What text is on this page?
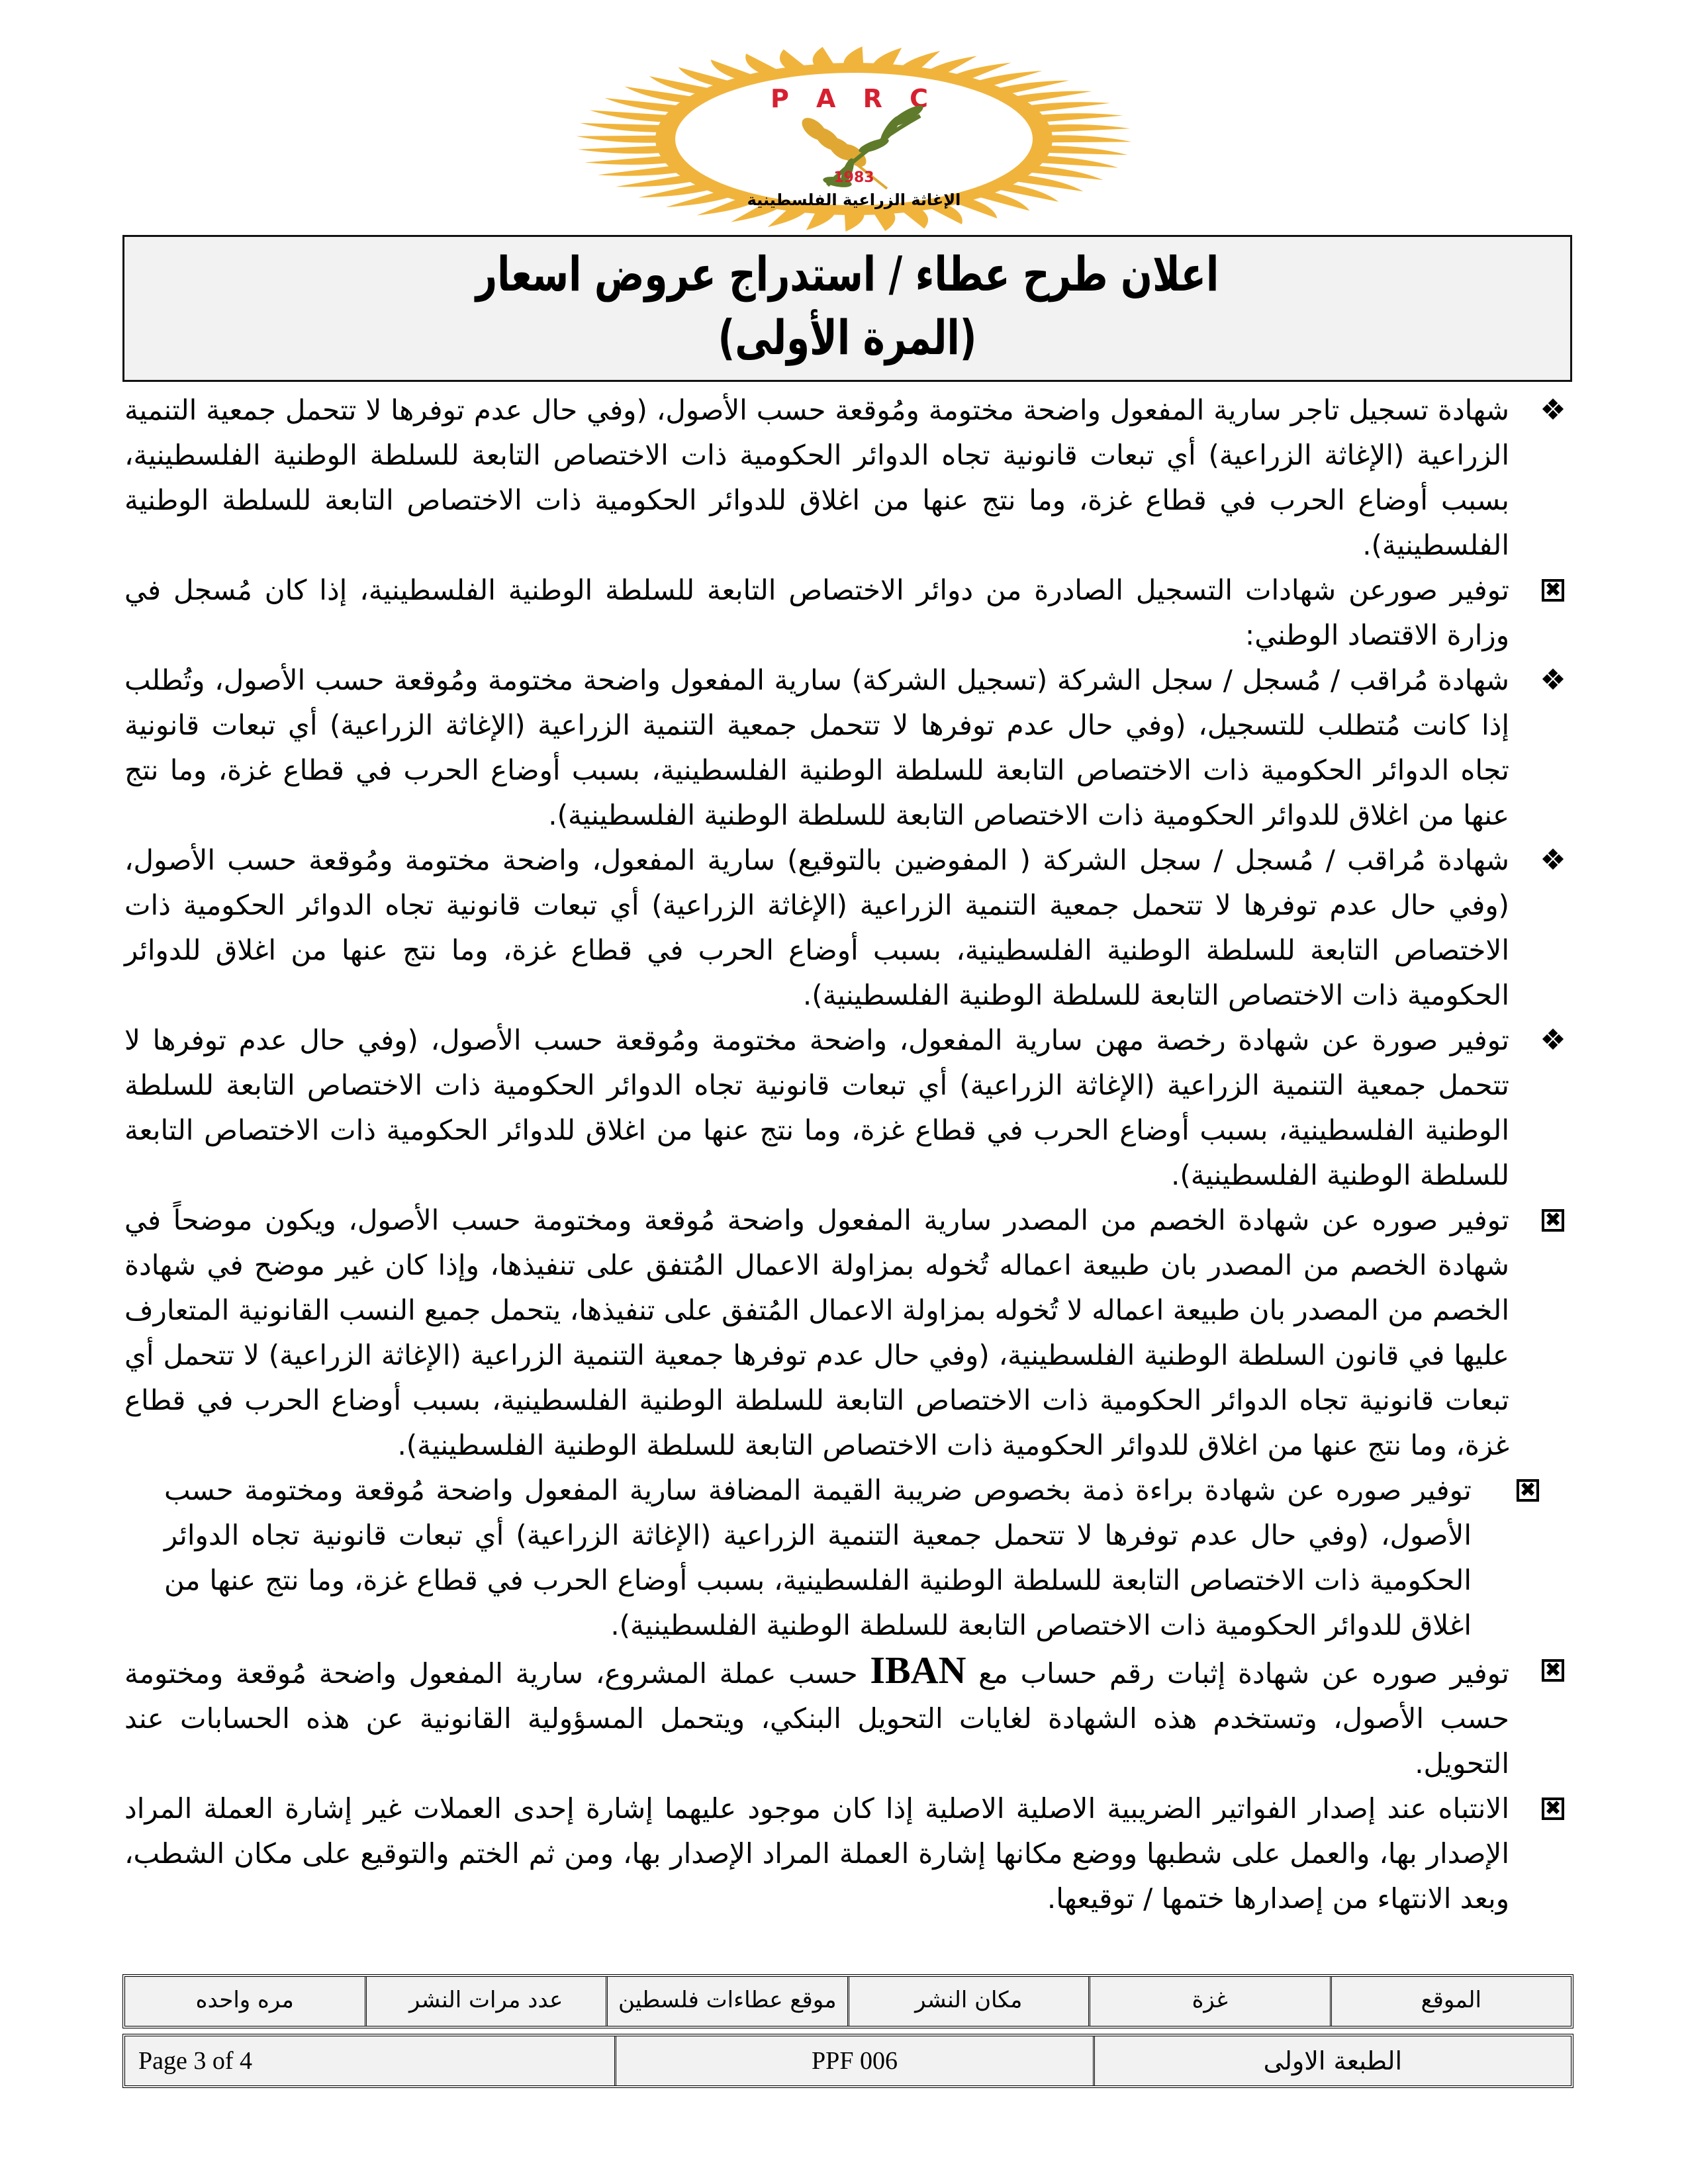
P A R C
1983
الإغاثة الزراعية الفلسطينية
اعلان طرح عطاء / استدراج عروض اسعار
(المرة الأولى)
❖
شهادة تسجيل تاجر سارية المفعول واضحة مختومة ومُوقعة حسب الأصول، (وفي حال عدم توفرها لا تتحمل جمعية التنمية الزراعية (الإغاثة الزراعية) أي تبعات قانونية تجاه الدوائر الحكومية ذات الاختصاص التابعة للسلطة الوطنية الفلسطينية، بسبب أوضاع الحرب في قطاع غزة، وما نتج عنها من اغلاق للدوائر الحكومية ذات الاختصاص التابعة للسلطة الوطنية الفلسطينية).
✖
توفير صورعن شهادات التسجيل الصادرة من دوائر الاختصاص التابعة للسلطة الوطنية الفلسطينية، إذا كان مُسجل في وزارة الاقتصاد الوطني:
❖
شهادة مُراقب / مُسجل / سجل الشركة (تسجيل الشركة) سارية المفعول واضحة مختومة ومُوقعة حسب الأصول، وتُطلب إذا كانت مُتطلب للتسجيل، (وفي حال عدم توفرها لا تتحمل جمعية التنمية الزراعية (الإغاثة الزراعية) أي تبعات قانونية تجاه الدوائر الحكومية ذات الاختصاص التابعة للسلطة الوطنية الفلسطينية، بسبب أوضاع الحرب في قطاع غزة، وما نتج عنها من اغلاق للدوائر الحكومية ذات الاختصاص التابعة للسلطة الوطنية الفلسطينية).
❖
شهادة مُراقب / مُسجل / سجل الشركة ( المفوضين بالتوقيع) سارية المفعول، واضحة مختومة ومُوقعة حسب الأصول، (وفي حال عدم توفرها لا تتحمل جمعية التنمية الزراعية (الإغاثة الزراعية) أي تبعات قانونية تجاه الدوائر الحكومية ذات الاختصاص التابعة للسلطة الوطنية الفلسطينية، بسبب أوضاع الحرب في قطاع غزة، وما نتج عنها من اغلاق للدوائر الحكومية ذات الاختصاص التابعة للسلطة الوطنية الفلسطينية).
❖
توفير صورة عن شهادة رخصة مهن سارية المفعول، واضحة مختومة ومُوقعة حسب الأصول، (وفي حال عدم توفرها لا تتحمل جمعية التنمية الزراعية (الإغاثة الزراعية) أي تبعات قانونية تجاه الدوائر الحكومية ذات الاختصاص التابعة للسلطة الوطنية الفلسطينية، بسبب أوضاع الحرب في قطاع غزة، وما نتج عنها من اغلاق للدوائر الحكومية ذات الاختصاص التابعة للسلطة الوطنية الفلسطينية).
✖
توفير صوره عن شهادة الخصم من المصدر سارية المفعول واضحة مُوقعة ومختومة حسب الأصول، ويكون موضحاً في شهادة الخصم من المصدر بان طبيعة اعماله تُخوله بمزاولة الاعمال المُتفق على تنفيذها، وإذا كان غير موضح في شهادة الخصم من المصدر بان طبيعة اعماله لا تُخوله بمزاولة الاعمال المُتفق على تنفيذها، يتحمل جميع النسب القانونية المتعارف عليها في قانون السلطة الوطنية الفلسطينية، (وفي حال عدم توفرها جمعية التنمية الزراعية (الإغاثة الزراعية) لا تتحمل أي تبعات قانونية تجاه الدوائر الحكومية ذات الاختصاص التابعة للسلطة الوطنية الفلسطينية، بسبب أوضاع الحرب في قطاع غزة، وما نتج عنها من اغلاق للدوائر الحكومية ذات الاختصاص التابعة للسلطة الوطنية الفلسطينية).
✖
توفير صوره عن شهادة براءة ذمة بخصوص ضريبة القيمة المضافة سارية المفعول واضحة مُوقعة ومختومة حسب الأصول، (وفي حال عدم توفرها لا تتحمل جمعية التنمية الزراعية (الإغاثة الزراعية) أي تبعات قانونية تجاه الدوائر الحكومية ذات الاختصاص التابعة للسلطة الوطنية الفلسطينية، بسبب أوضاع الحرب في قطاع غزة، وما نتج عنها من اغلاق للدوائر الحكومية ذات الاختصاص التابعة للسلطة الوطنية الفلسطينية).
✖
توفير صوره عن شهادة إثبات رقم حساب مع IBAN حسب عملة المشروع، سارية المفعول واضحة مُوقعة ومختومة حسب الأصول، وتستخدم هذه الشهادة لغايات التحويل البنكي، ويتحمل المسؤولية القانونية عن هذه الحسابات عند التحويل.
✖
الانتباه عند إصدار الفواتير الضريبية الاصلية الاصلية إذا كان موجود عليهما إشارة إحدى العملات غير إشارة العملة المراد الإصدار بها، والعمل على شطبها ووضع مكانها إشارة العملة المراد الإصدار بها، ومن ثم الختم والتوقيع على مكان الشطب، وبعد الانتهاء من إصدارها ختمها / توقيعها.
الموقع
غزة
مكان النشر
موقع عطاءات فلسطين
عدد مرات النشر
مره واحده
الطبعة الاولى
PPF 006
Page 3 of 4
